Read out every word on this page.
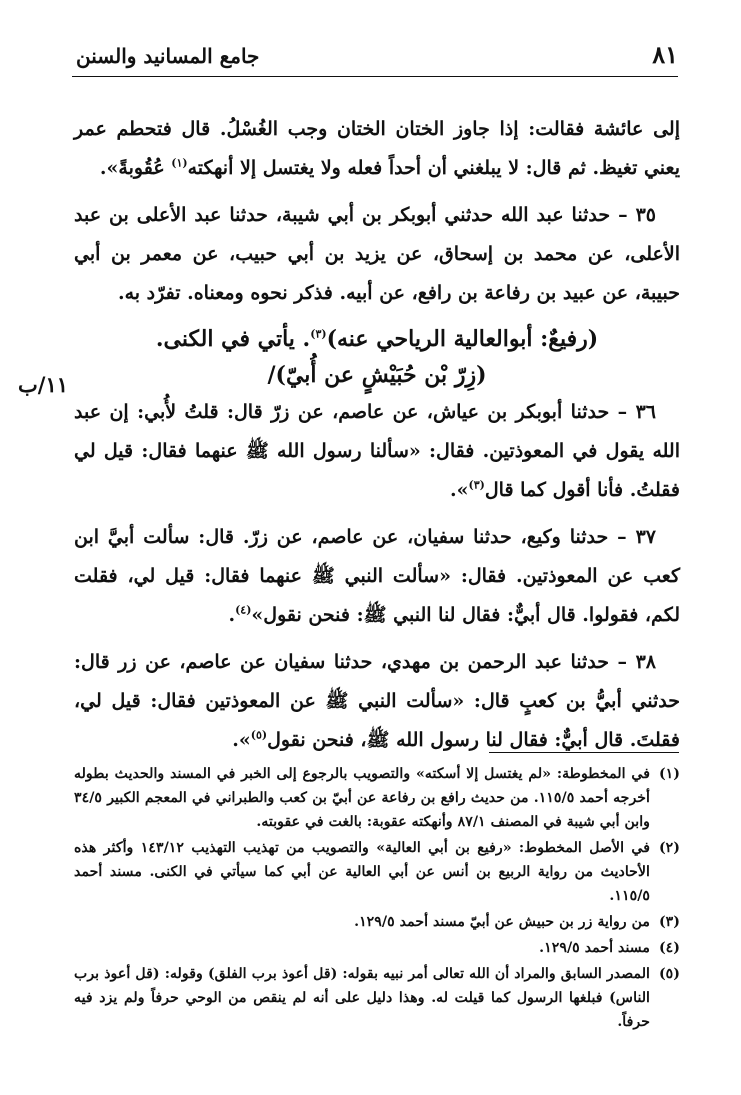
٨١
جامع المسانيد والسنن
١١/ب

إلى عائشة فقالت: إذا جاوز الختان الختان وجب الغُسْلُ. قال فتحطم عمر يعني تغيظ. ثم قال: لا يبلغني أن أحداً فعله ولا يغتسل إلا أنهكته$^{(١)}$ عُقُوبةً».

٣٥ – حدثنا عبد الله حدثني أبوبكر بن أبي شيبة، حدثنا عبد الأعلى بن عبد الأعلى، عن محمد بن إسحاق، عن يزيد بن أبي حبيب، عن معمر بن أبي حبيبة، عن عبيد بن رفاعة بن رافع، عن أبيه. فذكر نحوه ومعناه. تفرّد به.

(رفيعٌ: أبوالعالية الرياحي عنه)$^{(٣)}$. يأتي في الكنى.
(زِرّ بْن حُبَيْشٍ عن أُبيّ)/

٣٦ – حدثنا أبوبكر بن عياش، عن عاصم، عن زرّ قال: قلتُ لأُبي: إن عبد الله يقول في المعوذتين. فقال: «سألنا رسول الله ﷺ عنهما فقال: قيل لي فقلتُ. فأنا أقول كما قال$^{(٣)}$».

٣٧ – حدثنا وكيع، حدثنا سفيان، عن عاصم، عن زرّ. قال: سألت أبيَّ ابن كعب عن المعوذتين. فقال: «سألت النبي ﷺ عنهما فقال: قيل لي، فقلت لكم، فقولوا. قال أبيٌّ: فقال لنا النبي ﷺ: فنحن نقول»$^{(٤)}$.

٣٨ – حدثنا عبد الرحمن بن مهدي، حدثنا سفيان عن عاصم، عن زر قال: حدثني أبيُّ بن كعبٍ قال: «سألت النبي ﷺ عن المعوذتين فقال: قيل لي، فقلتَ. قال أبيٌّ: فقال لنا رسول الله ﷺ، فنحن نقول$^{(٥)}$».

(١)
في المخطوطة: «لم يغتسل إلا أسكته» والتصويب بالرجوع إلى الخبر في المسند والحديث بطوله أخرجه أحمد ١١٥/٥. من حديث رافع بن رفاعة عن أبيّ بن كعب والطبراني في المعجم الكبير ٣٤/٥ وابن أبي شيبة في المصنف ٨٧/١ وأنهكته عقوبة: بالغت في عقوبته.
(٢)
في الأصل المخطوط: «رفيع بن أبي العالية» والتصويب من تهذيب التهذيب ١٤٣/١٢ وأكثر هذه الأحاديث من رواية الربيع بن أنس عن أبي العالية عن أبي كما سيأتي في الكنى. مسند أحمد ١١٥/٥.
(٣)
من رواية زر بن حبيش عن أبيّ مسند أحمد ١٢٩/٥.
(٤)
مسند أحمد ١٢٩/٥.
(٥)
المصدر السابق والمراد أن الله تعالى أمر نبيه بقوله: (قل أعوذ برب الفلق) وقوله: (قل أعوذ برب الناس) فبلغها الرسول كما قيلت له. وهذا دليل على أنه لم ينقص من الوحي حرفاً ولم يزد فيه حرفاً.
